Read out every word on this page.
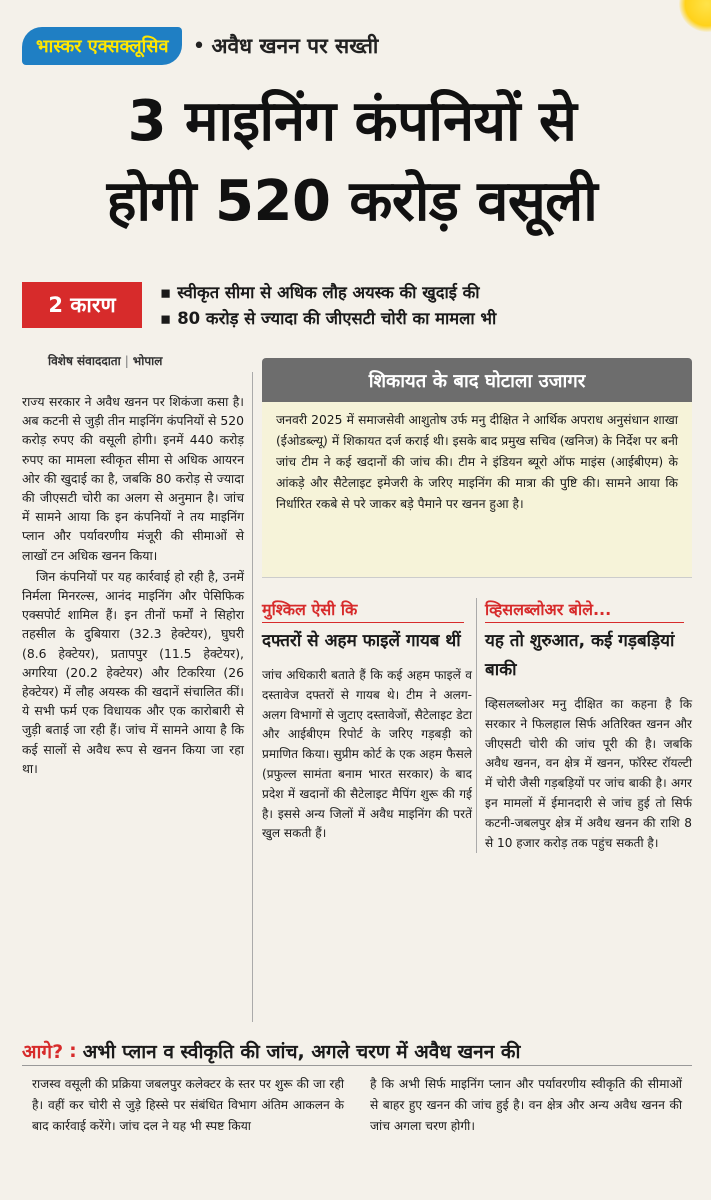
भास्कर एक्सक्लूसिव	• अवैध खनन पर सख्ती
3 माइनिंग कंपनियों से
होगी 520 करोड़ वसूली
2 कारण
▪ स्वीकृत सीमा से अधिक लौह अयस्क की खुदाई की
▪ 80 करोड़ से ज्यादा की जीएसटी चोरी का मामला भी
विशेष संवाददाता | भोपाल

राज्य सरकार ने अवैध खनन पर शिकंजा कसा है। अब कटनी से जुड़ी तीन माइनिंग कंपनियों से 520 करोड़ रुपए की वसूली होगी। इनमें 440 करोड़ रुपए का मामला स्वीकृत सीमा से अधिक आयरन ओर की खुदाई का है, जबकि 80 करोड़ से ज्यादा की जीएसटी चोरी का अलग से अनुमान है। जांच में सामने आया कि इन कंपनियों ने तय माइनिंग प्लान और पर्यावरणीय मंजूरी की सीमाओं से लाखों टन अधिक खनन किया।

जिन कंपनियों पर यह कार्रवाई हो रही है, उनमें निर्मला मिनरल्स, आनंद माइनिंग और पेसिफिक एक्सपोर्ट शामिल हैं। इन तीनों फर्मों ने सिहोरा तहसील के दुबियारा (32.3 हेक्टेयर), घुघरी (8.6 हेक्टेयर), प्रतापपुर (11.5 हेक्टेयर), अगरिया (20.2 हेक्टेयर) और टिकरिया (26 हेक्टेयर) में लौह अयस्क की खदानें संचालित कीं। ये सभी फर्म एक विधायक और एक कारोबारी से जुड़ी बताई जा रही हैं। जांच में सामने आया है कि कई सालों से अवैध रूप से खनन किया जा रहा था।

शिकायत के बाद घोटाला उजागर
जनवरी 2025 में समाजसेवी आशुतोष उर्फ मनु दीक्षित ने आर्थिक अपराध अनुसंधान शाखा (ईओडब्ल्यू) में शिकायत दर्ज कराई थी। इसके बाद प्रमुख सचिव (खनिज) के निर्देश पर बनी जांच टीम ने कई खदानों की जांच की। टीम ने इंडियन ब्यूरो ऑफ माइंस (आईबीएम) के आंकड़े और सैटेलाइट इमेजरी के जरिए माइनिंग की मात्रा की पुष्टि की। सामने आया कि निर्धारित रकबे से परे जाकर बड़े पैमाने पर खनन हुआ है।
मुश्किल ऐसी कि
दफ्तरों से अहम फाइलें गायब थीं
जांच अधिकारी बताते हैं कि कई अहम फाइलें व दस्तावेज दफ्तरों से गायब थे। टीम ने अलग-अलग विभागों से जुटाए दस्तावेजों, सैटेलाइट डेटा और आईबीएम रिपोर्ट के जरिए गड़बड़ी को प्रमाणित किया। सुप्रीम कोर्ट के एक अहम फैसले (प्रफुल्ल सामंता बनाम भारत सरकार) के बाद प्रदेश में खदानों की सैटेलाइट मैपिंग शुरू की गई है। इससे अन्य जिलों में अवैध माइनिंग की परतें खुल सकती हैं।
व्हिसलब्लोअर बोले...
यह तो शुरुआत, कई गड़बड़ियां बाकी
व्हिसलब्लोअर मनु दीक्षित का कहना है कि सरकार ने फिलहाल सिर्फ अतिरिक्त खनन और जीएसटी चोरी की जांच पूरी की है। जबकि अवैध खनन, वन क्षेत्र में खनन, फॉरेस्ट रॉयल्टी में चोरी जैसी गड़बड़ियों पर जांच बाकी है। अगर इन मामलों में ईमानदारी से जांच हुई तो सिर्फ कटनी-जबलपुर क्षेत्र में अवैध खनन की राशि 8 से 10 हजार करोड़ तक पहुंच सकती है।
आगे? : अभी प्लान व स्वीकृति की जांच, अगले चरण में अवैध खनन की
राजस्व वसूली की प्रक्रिया जबलपुर कलेक्टर के स्तर पर शुरू की जा रही है। वहीं कर चोरी से जुड़े हिस्से पर संबंधित विभाग अंतिम आकलन के बाद कार्रवाई करेंगे। जांच दल ने यह भी स्पष्ट किया
है कि अभी सिर्फ माइनिंग प्लान और पर्यावरणीय स्वीकृति की सीमाओं से बाहर हुए खनन की जांच हुई है। वन क्षेत्र और अन्य अवैध खनन की जांच अगला चरण होगी।
